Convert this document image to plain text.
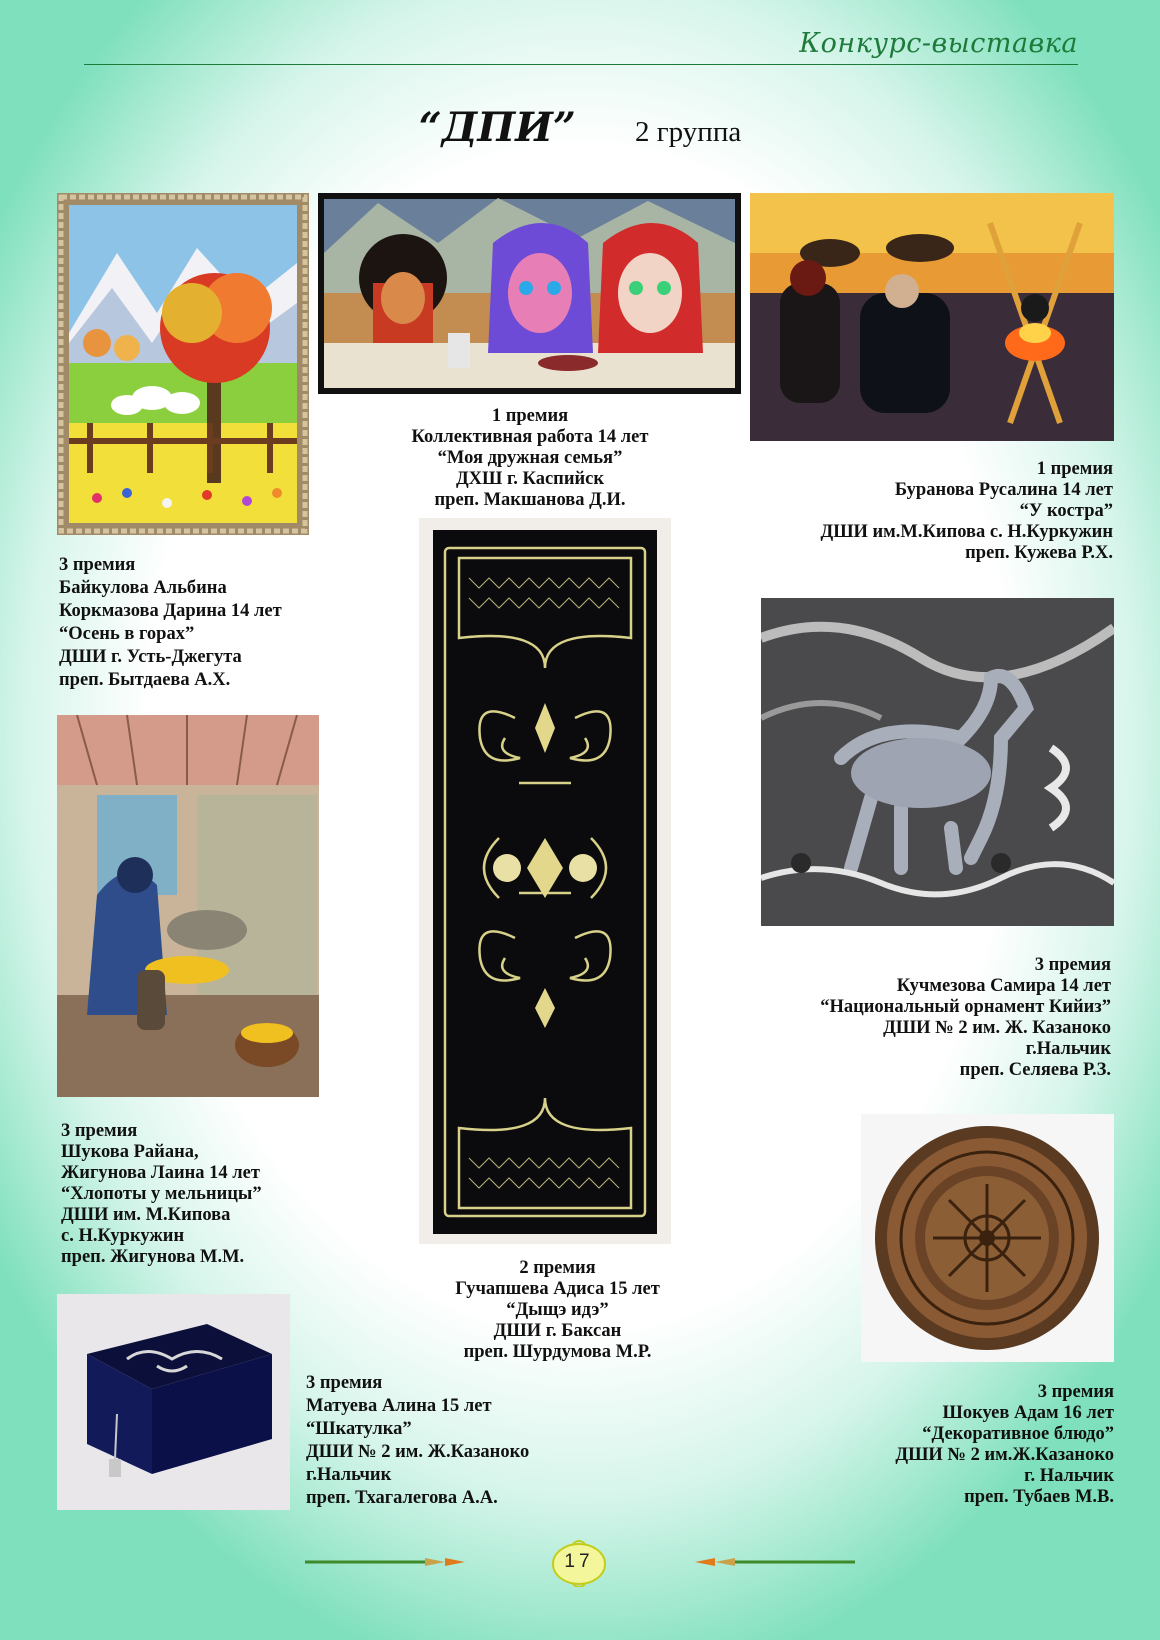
Конкурс-выставка
“ДПИ” 2 группа
1 премия
Коллективная работа 14 лет
“Моя дружная семья”
ДХШ г. Каспийск
преп. Макшанова Д.И.
1 премия
Буранова Русалина 14 лет
“У костра”
ДШИ им.М.Кипова с. Н.Куркужин
преп. Кужева Р.Х.
3 премия
Байкулова Альбина
Коркмазова Дарина 14 лет
“Осень в горах”
ДШИ г. Усть-Джегута
преп. Бытдаева А.Х.
3 премия
Кучмезова Самира 14 лет
“Национальный орнамент Кийиз”
ДШИ № 2 им. Ж. Казаноко
г.Нальчик
преп. Селяева Р.З.
3 премия
Шукова Райана,
Жигунова Лаина 14 лет
“Хлопоты у мельницы”
ДШИ им. М.Кипова
с. Н.Куркужин
преп. Жигунова М.М.
2 премия
Гучапшева Адиса 15 лет
“Дыщэ идэ”
ДШИ г. Баксан
преп. Шурдумова М.Р.
3 премия
Матуева Алина 15 лет
“Шкатулка”
ДШИ № 2 им. Ж.Казаноко
г.Нальчик
преп. Тхагалегова А.А.
3 премия
Шокуев Адам 16 лет
“Декоративное блюдо”
ДШИ № 2 им.Ж.Казаноко
г. Нальчик
преп. Тубаев М.В.
17
